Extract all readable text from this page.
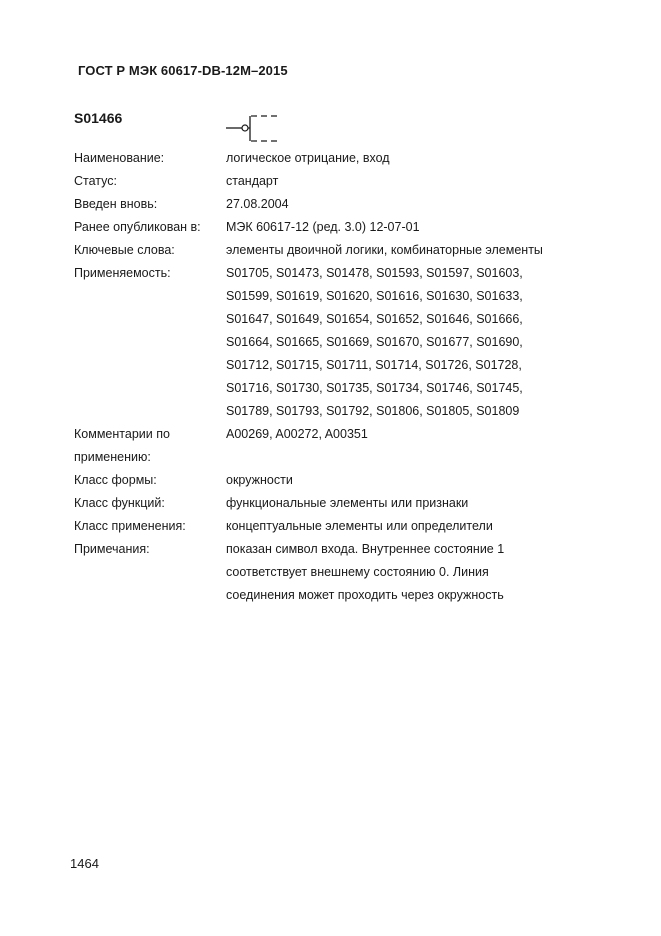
ГОСТ Р МЭК 60617-DB-12M–2015
S01466
Наименование:	логическое отрицание, вход
Статус:	стандарт
Введен вновь:	27.08.2004
Ранее опубликован в:	МЭК 60617-12 (ред. 3.0) 12-07-01
Ключевые слова:	элементы двоичной логики, комбинаторные элементы
Применяемость:	S01705, S01473, S01478, S01593, S01597, S01603,
S01599, S01619, S01620, S01616, S01630, S01633,
S01647, S01649, S01654, S01652, S01646, S01666,
S01664, S01665, S01669, S01670, S01677, S01690,
S01712, S01715, S01711, S01714, S01726, S01728,
S01716, S01730, S01735, S01734, S01746, S01745,
S01789, S01793, S01792, S01806, S01805, S01809
Комментарии по применению:
A00269, A00272, A00351
Класс формы:	окружности
Класс функций:	функциональные элементы или признаки
Класс применения:	концептуальные элементы или определители
Примечания:	показан символ входа. Внутреннее состояние 1
соответствует внешнему состоянию 0. Линия
соединения может проходить через окружность
1464
